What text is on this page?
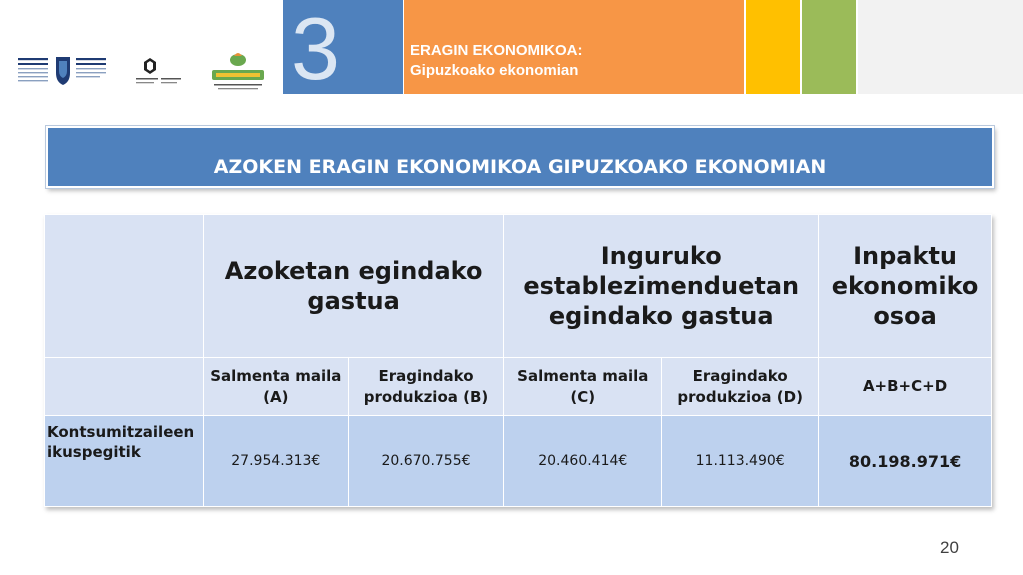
3	ERAGIN EKONOMIKOA:
Gipuzkoako ekonomian
AZOKEN ERAGIN EKONOMIKOA GIPUZKOAKO EKONOMIAN
	Azoketan egindako gastua		Inguruko establezimenduetan egindako gastua		Inpaktu ekonomiko osoa
	Salmenta maila (A)	Eragindako produkzioa (B)	Salmenta maila (C)	Eragindako produkzioa (D)	A+B+C+D
Kontsumitzaileen ikuspegitik	27.954.313€	20.670.755€	20.460.414€	11.113.490€	80.198.971€
20
